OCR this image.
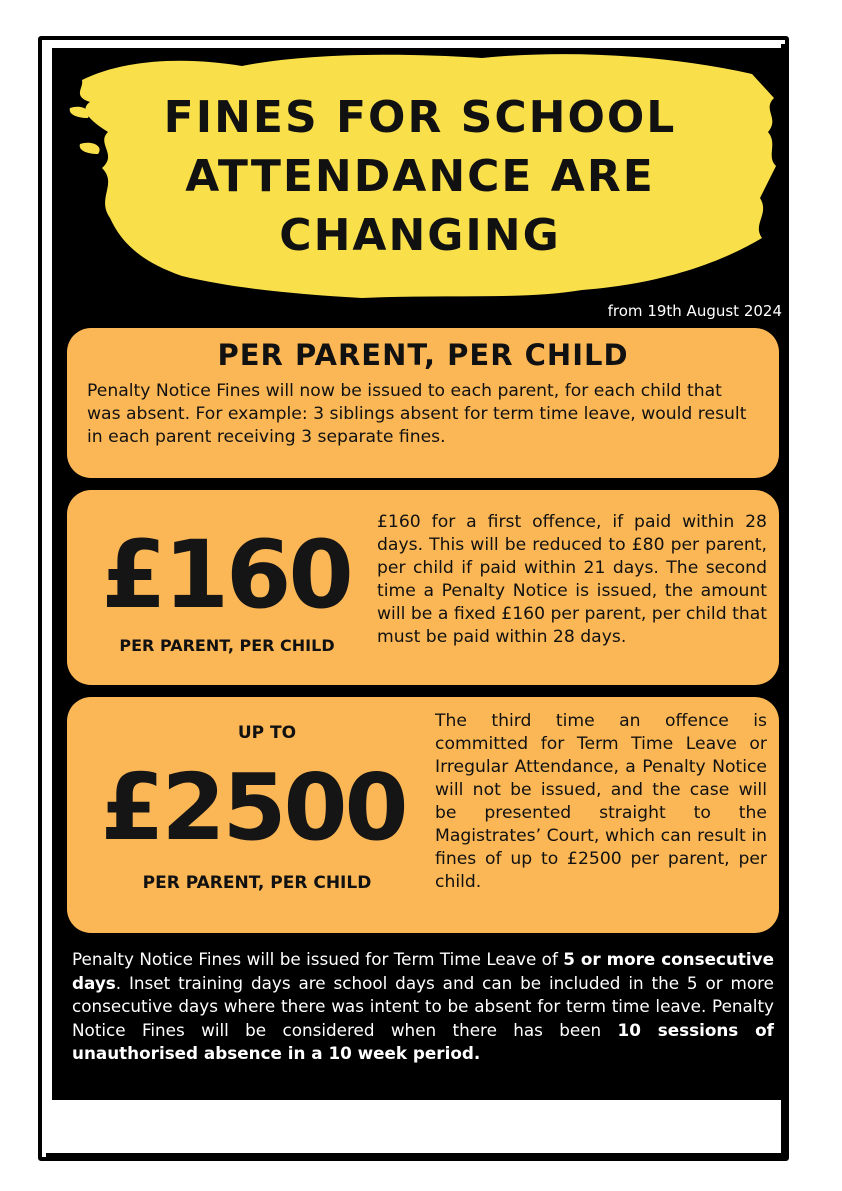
FINES FOR SCHOOL ATTENDANCE ARE CHANGING
from 19th August 2024
PER PARENT, PER CHILD
Penalty Notice Fines will now be issued to each parent, for each child that was absent. For example: 3 siblings absent for term time leave, would result in each parent receiving 3 separate fines.
£160
PER PARENT, PER CHILD
£160 for a first offence, if paid within 28 days. This will be reduced to £80 per parent, per child if paid within 21 days. The second time a Penalty Notice is issued, the amount will be a fixed £160 per parent, per child that must be paid within 28 days.
UP TO
£2500
PER PARENT, PER CHILD
The third time an offence is committed for Term Time Leave or Irregular Attendance, a Penalty Notice will not be issued, and the case will be presented straight to the Magistrates’ Court, which can result in fines of up to £2500 per parent, per child.
Penalty Notice Fines will be issued for Term Time Leave of 5 or more consecutive days. Inset training days are school days and can be included in the 5 or more consecutive days where there was intent to be absent for term time leave. Penalty Notice Fines will be considered when there has been 10 sessions of unauthorised absence in a 10 week period.
